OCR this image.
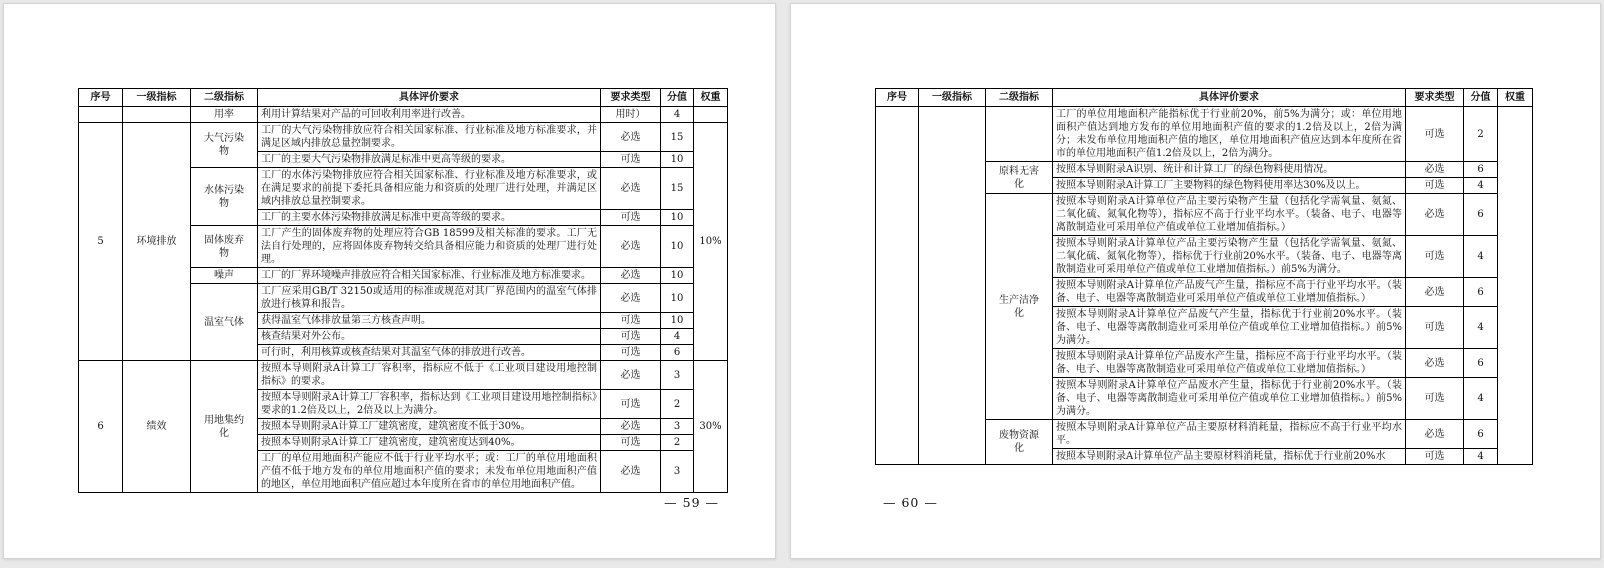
序号	一级指标	二级指标	具体评价要求	要求类型	分值	权重
		用率	利用计算结果对产品的可回收利用率进行改善。	用时）	4	
5	环境排放	大气污染物	工厂的大气污染物排放应符合相关国家标准、行业标准及地方标准要求，并满足区域内排放总量控制要求。	必选	15	10%
			工厂的主要大气污染物排放满足标准中更高等级的要求。	可选	10	
		水体污染物	工厂的水体污染物排放应符合相关国家标准、行业标准及地方标准要求，或在满足要求的前提下委托具备相应能力和资质的处理厂进行处理，并满足区域内排放总量控制要求。	必选	15	
			工厂的主要水体污染物排放满足标准中更高等级的要求。	可选	10	
		固体废弃物	工厂产生的固体废弃物的处理应符合GB 18599及相关标准的要求。工厂无法自行处理的，应将固体废弃物转交给具备相应能力和资质的处理厂进行处理。	必选	10	
		噪声	工厂的厂界环境噪声排放应符合相关国家标准、行业标准及地方标准要求。	必选	10	
		温室气体	工厂应采用GB/T 32150或适用的标准或规范对其厂界范围内的温室气体排放进行核算和报告。	必选	10	
			获得温室气体排放量第三方核查声明。	可选	10	
			核查结果对外公布。	可选	4	
			可行时，利用核算或核查结果对其温室气体的排放进行改善。	可选	6	
6	绩效	用地集约化	按照本导则附录A计算工厂容积率，指标应不低于《工业项目建设用地控制指标》的要求。	必选	3	30%
			按照本导则附录A计算工厂容积率，指标达到《工业项目建设用地控制指标》要求的1.2倍及以上，2倍及以上为满分。	可选	2	
			按照本导则附录A计算工厂建筑密度，建筑密度不低于30%。	必选	3	
			按照本导则附录A计算工厂建筑密度，建筑密度达到40%。	可选	2	
			工厂的单位用地面积产能应不低于行业平均水平；或：工厂的单位用地面积产值不低于地方发布的单位用地面积产值的要求；未发布单位用地面积产值的地区，单位用地面积产值应超过本年度所在省市的单位用地面积产值。	必选	3	
— 59 —
序号	一级指标	二级指标	具体评价要求	要求类型	分值	权重
			工厂的单位用地面积产能指标优于行业前20%，前5%为满分；或：单位用地面积产值达到地方发布的单位用地面积产值的要求的1.2倍及以上，2倍为满分；未发布单位用地面积产值的地区，单位用地面积产值应达到本年度所在省市的单位用地面积产值1.2倍及以上，2倍为满分。	可选	2	
		原料无害化	按照本导则附录A识别、统计和计算工厂的绿色物料使用情况。	必选	6	
			按照本导则附录A计算工厂主要物料的绿色物料使用率达30%及以上。	可选	4	
		生产洁净化	按照本导则附录A计算单位产品主要污染物产生量（包括化学需氧量、氨氮、二氧化硫、氮氧化物等），指标应不高于行业平均水平。（装备、电子、电器等离散制造业可采用单位产值或单位工业增加值指标。）	必选	6	
			按照本导则附录A计算单位产品主要污染物产生量（包括化学需氧量、氨氮、二氧化硫、氮氧化物等），指标优于行业前20%水平。（装备、电子、电器等离散制造业可采用单位产值或单位工业增加值指标。）前5%为满分。	可选	4	
			按照本导则附录A计算单位产品废气产生量，指标应不高于行业平均水平。（装备、电子、电器等离散制造业可采用单位产值或单位工业增加值指标。）	必选	6	
			按照本导则附录A计算单位产品废气产生量，指标优于行业前20%水平。（装备、电子、电器等离散制造业可采用单位产值或单位工业增加值指标。）前5%为满分。	可选	4	
			按照本导则附录A计算单位产品废水产生量，指标应不高于行业平均水平。（装备、电子、电器等离散制造业可采用单位产值或单位工业增加值指标。）	必选	6	
			按照本导则附录A计算单位产品废水产生量，指标优于行业前20%水平。（装备、电子、电器等离散制造业可采用单位产值或单位工业增加值指标。）前5%为满分。	可选	4	
		废物资源化	按照本导则附录A计算单位产品主要原材料消耗量，指标应不高于行业平均水平。	必选	6	
			按照本导则附录A计算单位产品主要原材料消耗量，指标优于行业前20%水	可选	4	
— 60 —
